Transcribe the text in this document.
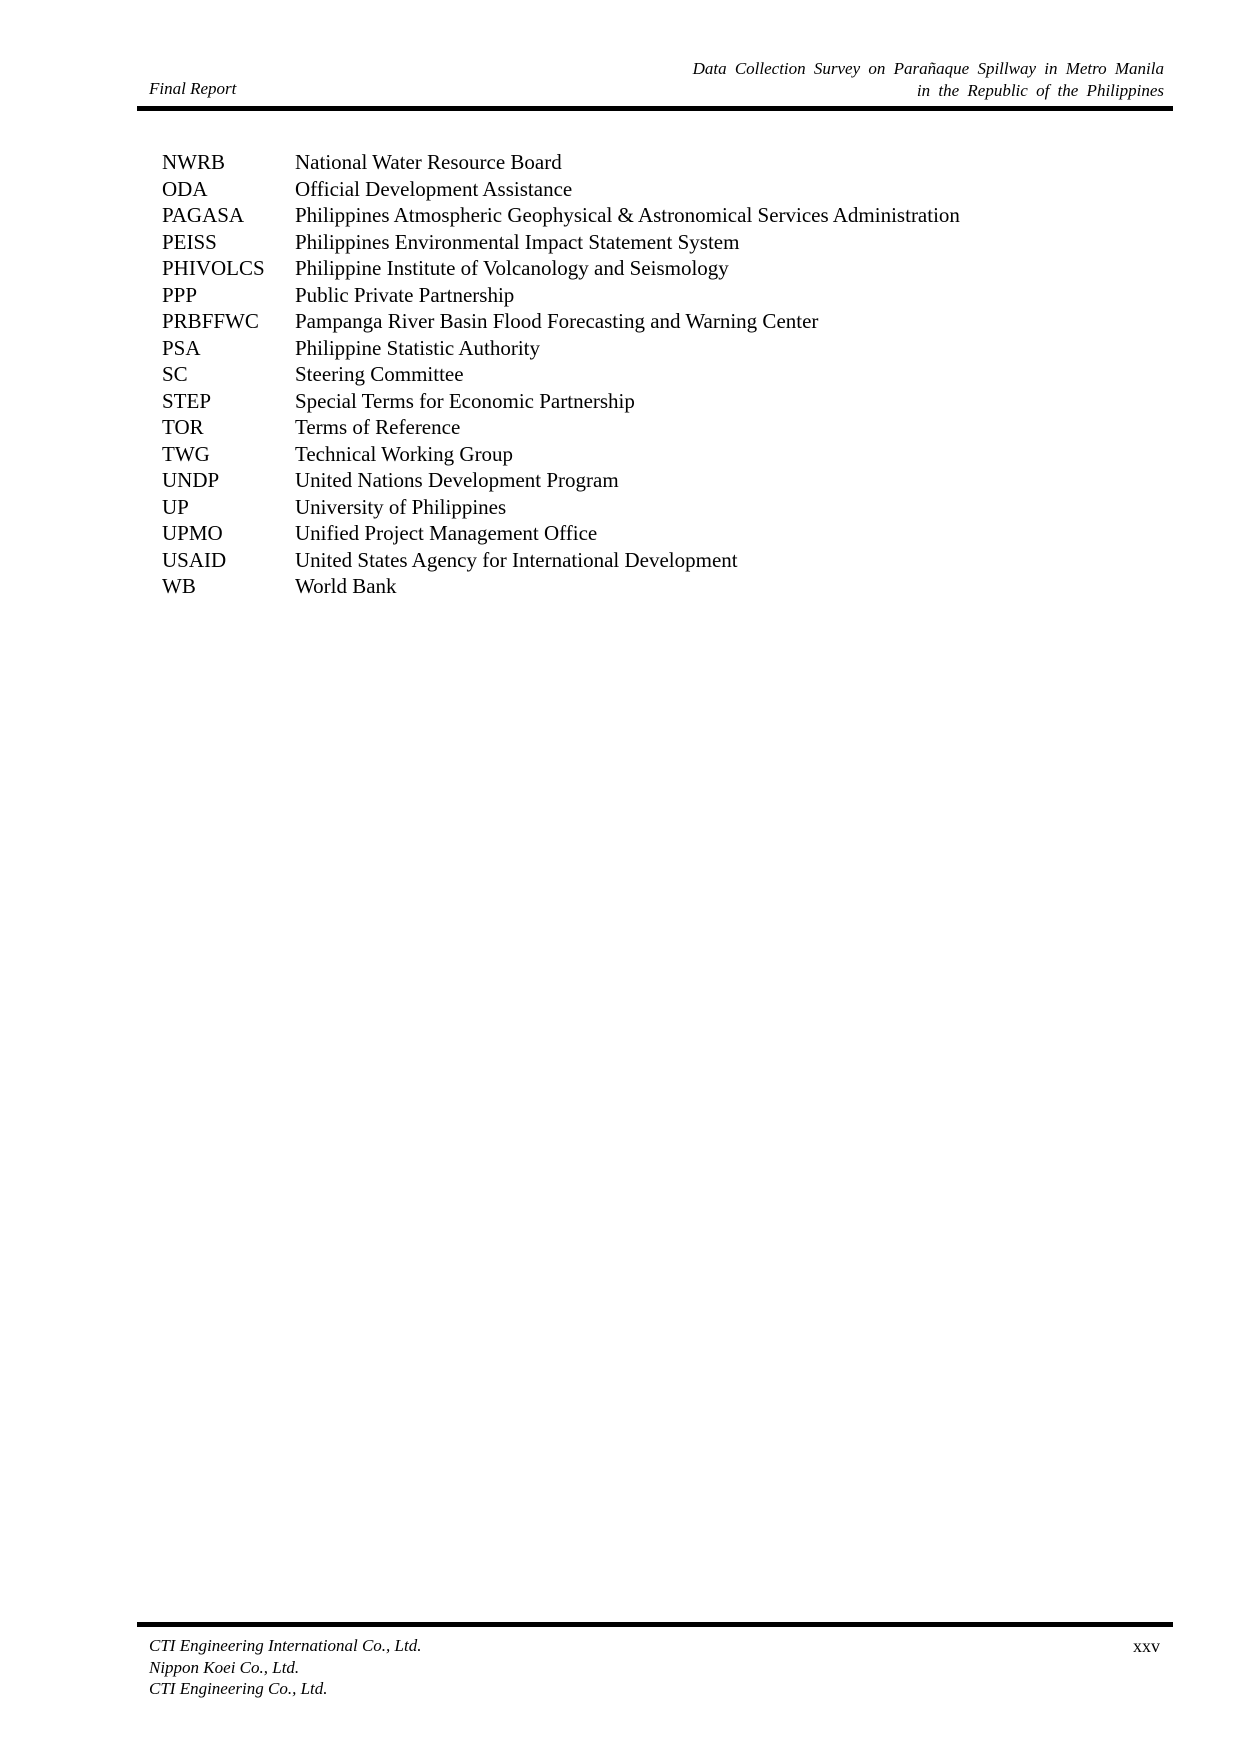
Final Report
Data Collection Survey on Parañaque Spillway in Metro Manila
in the Republic of the Philippines
NWRB	National Water Resource Board
ODA	Official Development Assistance
PAGASA Philippines Atmospheric Geophysical & Astronomical Services Administration
PEISS	Philippines Environmental Impact Statement System
PHIVOLCS Philippine Institute of Volcanology and Seismology
PPP	Public Private Partnership
PRBFFWC Pampanga River Basin Flood Forecasting and Warning Center
PSA	Philippine Statistic Authority
SC	Steering Committee
STEP	Special Terms for Economic Partnership
TOR	Terms of Reference
TWG	Technical Working Group
UNDP	United Nations Development Program
UP	University of Philippines
UPMO	Unified Project Management Office
USAID	United States Agency for International Development
WB	World Bank
CTI Engineering International Co., Ltd.
Nippon Koei Co., Ltd.
CTI Engineering Co., Ltd.
xxv
